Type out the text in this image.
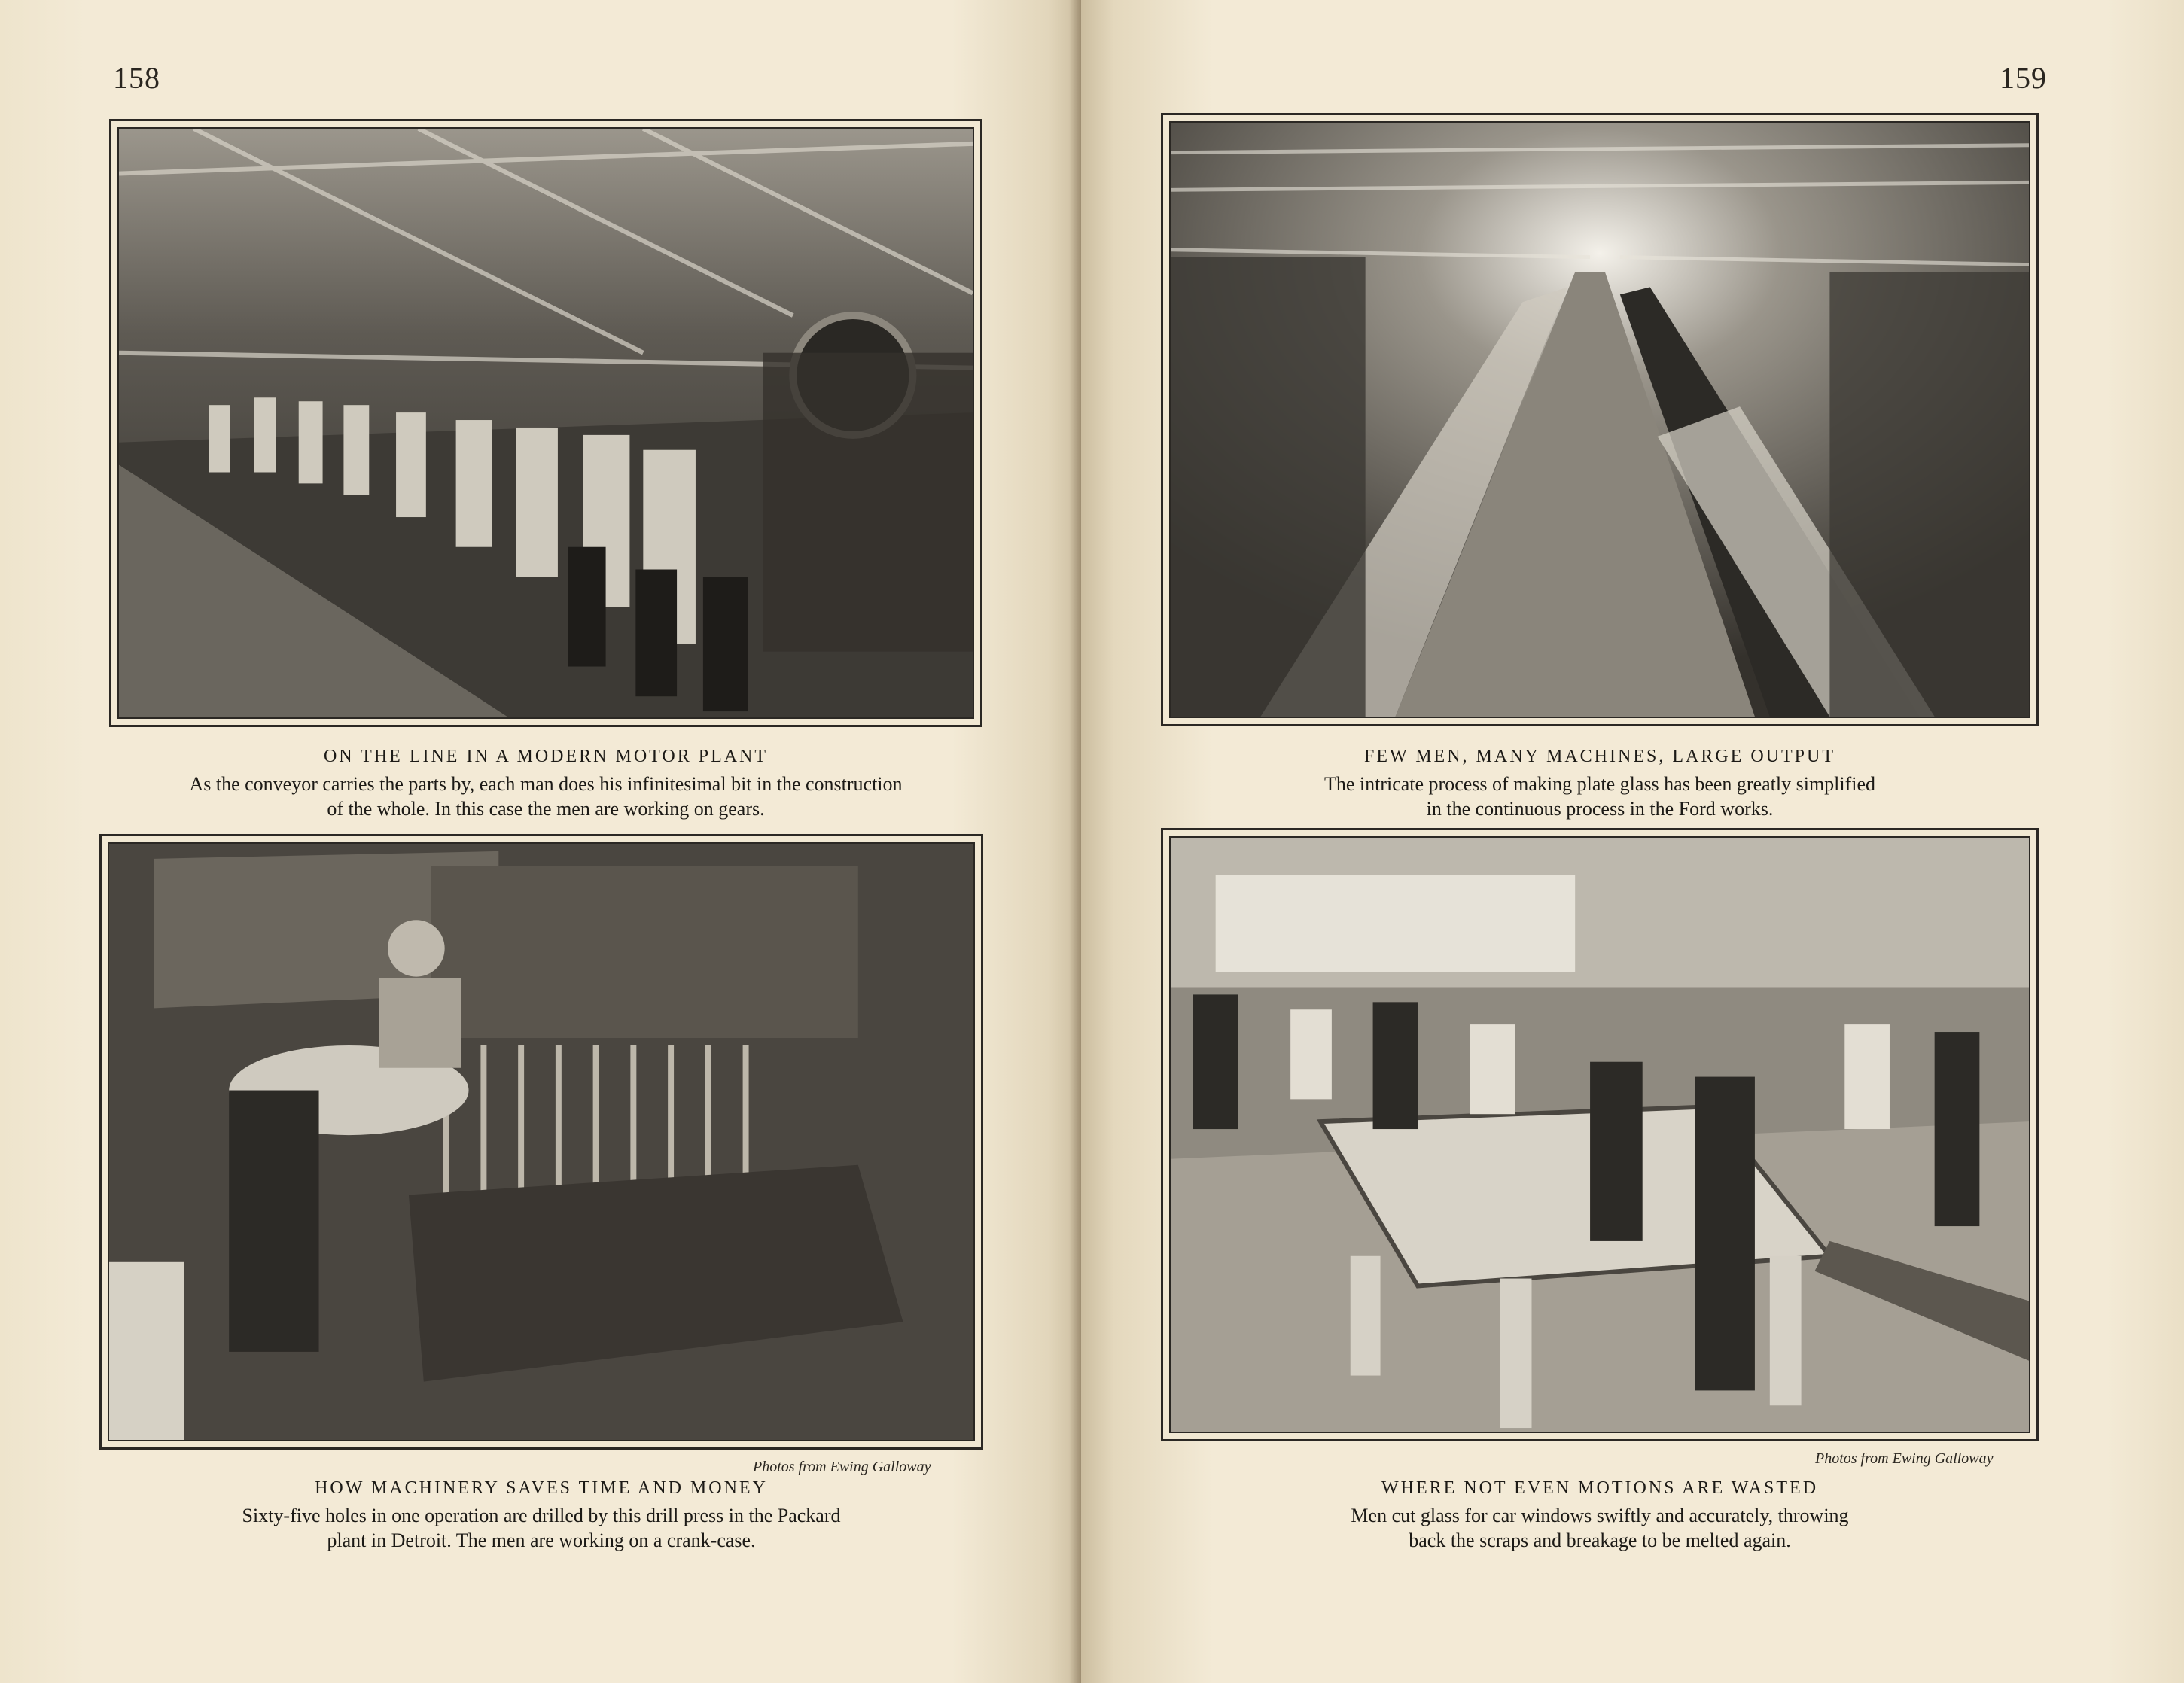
158
ON THE LINE IN A MODERN MOTOR PLANT
As the conveyor carries the parts by, each man does his infinitesimal bit in the construction
of the whole. In this case the men are working on gears.
Photos from Ewing Galloway
HOW MACHINERY SAVES TIME AND MONEY
Sixty-five holes in one operation are drilled by this drill press in the Packard
plant in Detroit. The men are working on a crank-case.
159
FEW MEN, MANY MACHINES, LARGE OUTPUT
The intricate process of making plate glass has been greatly simplified
in the continuous process in the Ford works.
Photos from Ewing Galloway
WHERE NOT EVEN MOTIONS ARE WASTED
Men cut glass for car windows swiftly and accurately, throwing
back the scraps and breakage to be melted again.
